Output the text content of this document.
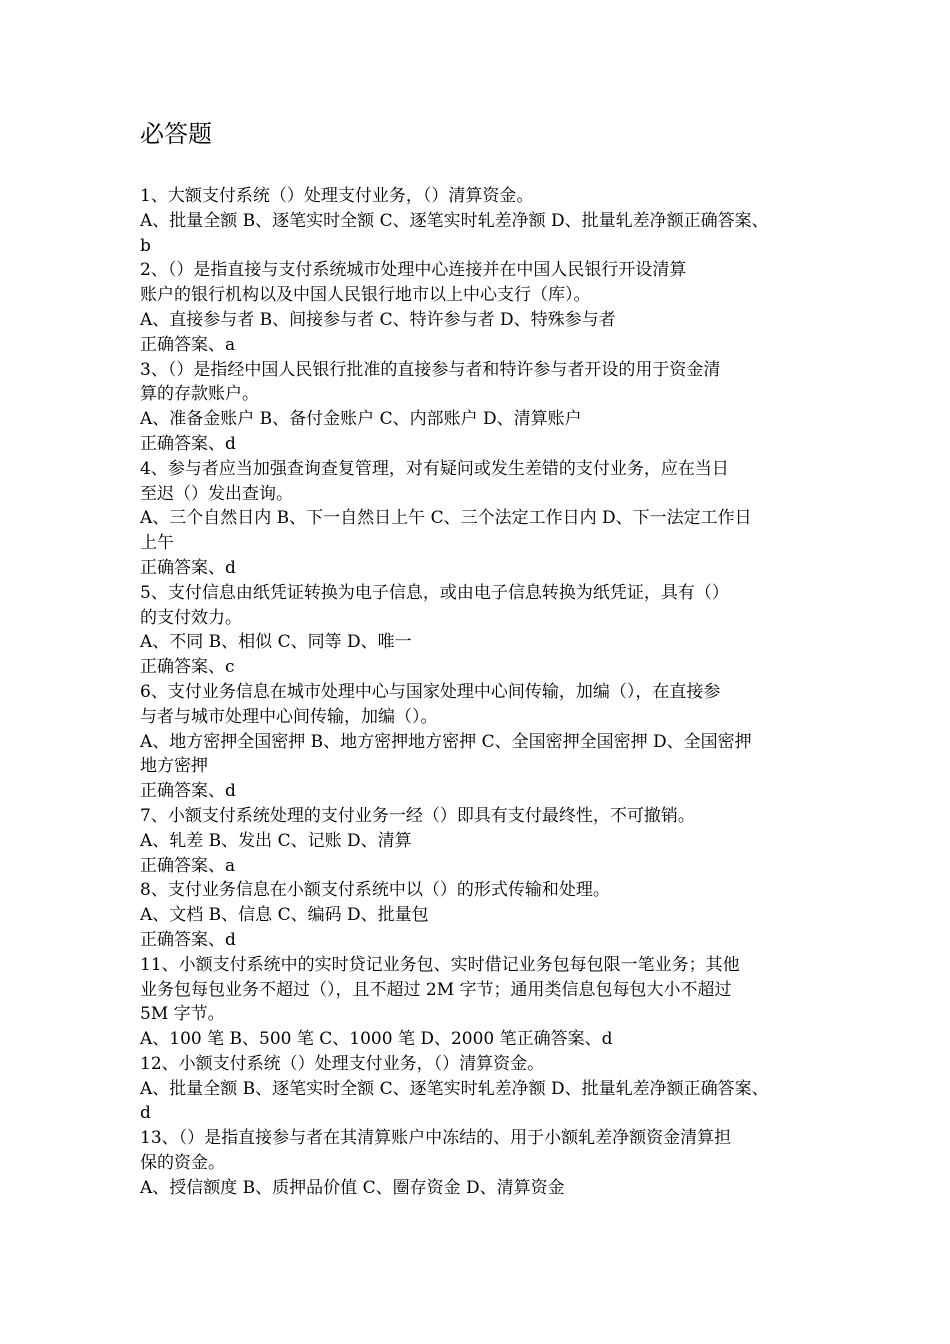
必答题
1、大额支付系统（）处理支付业务，（）清算资金。
A、批量全额 B、逐笔实时全额 C、逐笔实时轧差净额 D、批量轧差净额正确答案、
b
2、（）是指直接与支付系统城市处理中心连接并在中国人民银行开设清算
账户的银行机构以及中国人民银行地市以上中心支行（库）。
A、直接参与者 B、间接参与者 C、特许参与者 D、特殊参与者
正确答案、a
3、（）是指经中国人民银行批准的直接参与者和特许参与者开设的用于资金清
算的存款账户。
A、准备金账户 B、备付金账户 C、内部账户 D、清算账户
正确答案、d
4、参与者应当加强查询查复管理，对有疑问或发生差错的支付业务，应在当日
至迟（）发出查询。
A、三个自然日内 B、下一自然日上午 C、三个法定工作日内 D、下一法定工作日
上午
正确答案、d
5、支付信息由纸凭证转换为电子信息，或由电子信息转换为纸凭证，具有（）
的支付效力。
A、不同 B、相似 C、同等 D、唯一
正确答案、c
6、支付业务信息在城市处理中心与国家处理中心间传输，加编（），在直接参
与者与城市处理中心间传输，加编（）。
A、地方密押全国密押 B、地方密押地方密押 C、全国密押全国密押 D、全国密押
地方密押
正确答案、d
7、小额支付系统处理的支付业务一经（）即具有支付最终性，不可撤销。
A、轧差 B、发出 C、记账 D、清算
正确答案、a
8、支付业务信息在小额支付系统中以（）的形式传输和处理。
A、文档 B、信息 C、编码 D、批量包
正确答案、d
11、小额支付系统中的实时贷记业务包、实时借记业务包每包限一笔业务；其他
业务包每包业务不超过（），且不超过 2M 字节；通用类信息包每包大小不超过
5M 字节。
A、100 笔 B、500 笔 C、1000 笔 D、2000 笔正确答案、d
12、小额支付系统（）处理支付业务，（）清算资金。
A、批量全额 B、逐笔实时全额 C、逐笔实时轧差净额 D、批量轧差净额正确答案、
d
13、（）是指直接参与者在其清算账户中冻结的、用于小额轧差净额资金清算担
保的资金。
A、授信额度 B、质押品价值 C、圈存资金 D、清算资金
